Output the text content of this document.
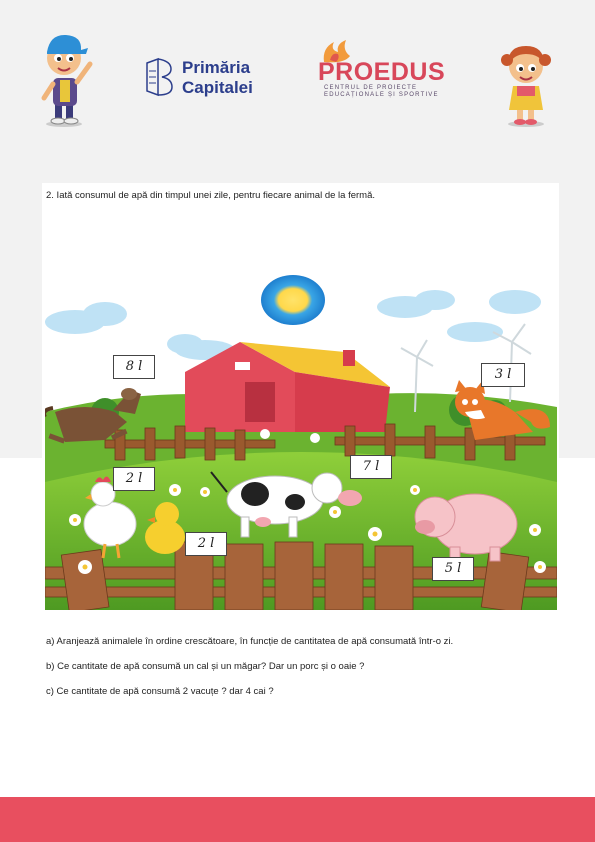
Primăria
Capitalei
PROEDUS
CENTRUL DE PROIECTE EDUCAȚIONALE ȘI SPORTIVE
2. Iată consumul de apă din timpul unei zile, pentru fiecare animal de la fermă.
8 l
3 l
2 l
7 l
2 l
5 l
a) Aranjează animalele în ordine crescătoare, în funcție de cantitatea de apă consumată într-o zi.
b) Ce cantitate de apă consumă un cal și un măgar? Dar un porc și o oaie ?
c) Ce cantitate de apă consumă 2 vacuțe ? dar 4 cai ?
